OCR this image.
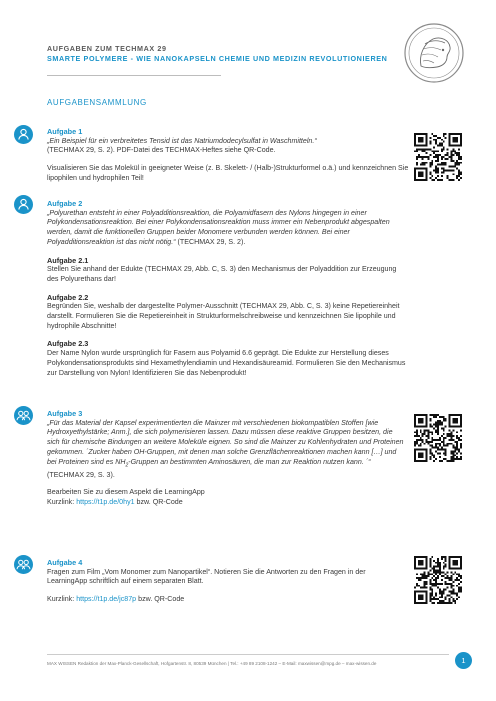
AUFGABEN ZUM TECHMAX 29
SMARTE POLYMERE - WIE NANOKAPSELN CHEMIE UND MEDIZIN REVOLUTIONIEREN
AUFGABENSAMMLUNG
Aufgabe 1

„Ein Beispiel für ein verbreitetes Tensid ist das Natriumdodecylsulfat in Waschmitteln.“
(TECHMAX 29, S. 2). PDF-Datei des TECHMAX-Heftes siehe QR-Code.

Visualisieren Sie das Molekül in geeigneter Weise (z. B. Skelett- / (Halb-)Strukturformel o.ä.) und kennzeichnen Sie lipophilen und hydrophilen Teil!

Aufgabe 2

„Polyurethan entsteht in einer Polyadditionsreaktion, die Polyamidfasern des Nylons hingegen in einer Polykondensationsreaktion. Bei einer Polykondensationsreaktion muss immer ein Nebenprodukt abgespalten werden, damit die funktionellen Gruppen beider Monomere verbunden werden können. Bei einer Polyadditionsreaktion ist das nicht nötig.“ (TECHMAX 29, S. 2).

Aufgabe 2.1

Stellen Sie anhand der Edukte (TECHMAX 29, Abb. C, S. 3) den Mechanismus der Polyaddition zur Erzeugung des Polyurethans dar!

Aufgabe 2.2

Begründen Sie, weshalb der dargestellte Polymer-Ausschnitt (TECHMAX 29, Abb. C, S. 3) keine Repetiereinheit darstellt. Formulieren Sie die Repetiereinheit in Strukturformelschreibweise und kennzeichnen Sie lipophile und hydrophile Abschnitte!

Aufgabe 2.3

Der Name Nylon wurde ursprünglich für Fasern aus Polyamid 6.6 geprägt. Die Edukte zur Herstellung dieses Polykondensationsprodukts sind Hexamethylendiamin und Hexandisäureamid. Formulieren Sie den Mechanismus zur Darstellung von Nylon! Identifizieren Sie das Nebenprodukt!

Aufgabe 3

„Für das Material der Kapsel experimentierten die Mainzer mit verschiedenen biokompatiblen Stoffen [wie Hydroxyethylstärke; Anm.], die sich polymerisieren lassen. Dazu müssen diese reaktive Gruppen besitzen, die sich für chemische Bindungen an weitere Moleküle eignen. So sind die Mainzer zu Kohlenhydraten und Proteinen gekommen. ´Zucker haben OH-Gruppen, mit denen man solche Grenzflächenreaktionen machen kann […] und bei Proteinen sind es $NH_2$-Gruppen an bestimmten Aminosäuren, die man zur Reaktion nutzen kann. ´“ (TECHMAX 29, S. 3).

Bearbeiten Sie zu diesem Aspekt die LearningApp

Kurzlink: https://t1p.de/0hy1 bzw. QR-Code

Aufgabe 4

Fragen zum Film „Vom Monomer zum Nanopartikel“. Notieren Sie die Antworten zu den Fragen in der LearningApp schriftlich auf einem separaten Blatt.

Kurzlink: https://t1p.de/jc87p bzw. QR-Code

MAX WISSEN Redaktion der Max-Planck-Gesellschaft, Hofgartenstr. 8, 80539 München | Tel.: +49 89 2108-1242 – E-Mail: maxwissen@mpg.de – max-wissen.de	1
